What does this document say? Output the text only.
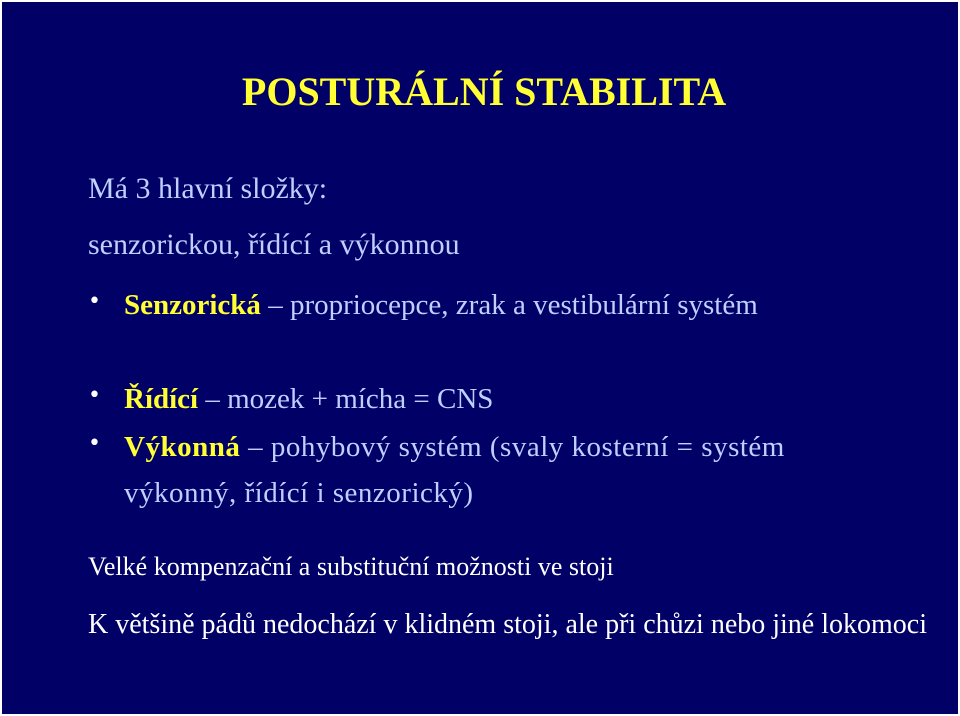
POSTURÁLNÍ STABILITA
Má 3 hlavní složky:
senzorickou, řídící a výkonnou
• Senzorická – propriocepce, zrak a vestibulární systém
• Řídící – mozek + mícha = CNS
• Výkonná – pohybový systém (svaly kosterní = systém výkonný, řídící i senzorický)
Velké kompenzační a substituční možnosti ve stoji
K většině pádů nedochází v klidném stoji, ale při chůzi nebo jiné lokomoci
